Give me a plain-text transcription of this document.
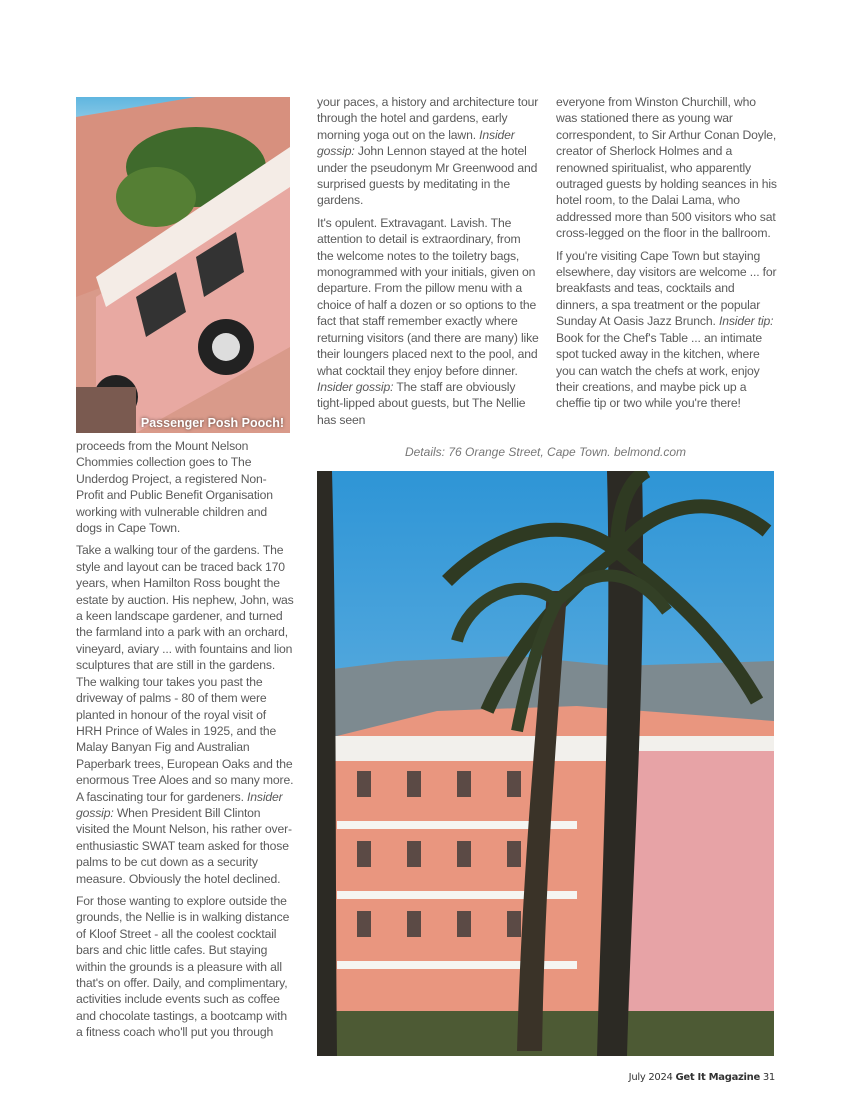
Passenger Posh Pooch!

proceeds from the Mount Nelson Chommies collection goes to The Underdog Project, a registered Non-Profit and Public Benefit Organisation working with vulnerable children and dogs in Cape Town.

Take a walking tour of the gardens. The style and layout can be traced back 170 years, when Hamilton Ross bought the estate by auction. His nephew, John, was a keen landscape gardener, and turned the farmland into a park with an orchard, vineyard, aviary ... with fountains and lion sculptures that are still in the gardens. The walking tour takes you past the driveway of palms - 80 of them were planted in honour of the royal visit of HRH Prince of Wales in 1925, and the Malay Banyan Fig and Australian Paperbark trees, European Oaks and the enormous Tree Aloes and so many more. A fascinating tour for gardeners. Insider gossip: When President Bill Clinton visited the Mount Nelson, his rather over-enthusiastic SWAT team asked for those palms to be cut down as a security measure. Obviously the hotel declined.

For those wanting to explore outside the grounds, the Nellie is in walking distance of Kloof Street - all the coolest cocktail bars and chic little cafes. But staying within the grounds is a pleasure with all that's on offer. Daily, and complimentary, activities include events such as coffee and chocolate tastings, a bootcamp with a fitness coach who'll put you through

your paces, a history and architecture tour through the hotel and gardens, early morning yoga out on the lawn. Insider gossip: John Lennon stayed at the hotel under the pseudonym Mr Greenwood and surprised guests by meditating in the gardens.

It's opulent. Extravagant. Lavish. The attention to detail is extraordinary, from the welcome notes to the toiletry bags, monogrammed with your initials, given on departure. From the pillow menu with a choice of half a dozen or so options to the fact that staff remember exactly where returning visitors (and there are many) like their loungers placed next to the pool, and what cocktail they enjoy before dinner. Insider gossip: The staff are obviously tight-lipped about guests, but The Nellie has seen

everyone from Winston Churchill, who was stationed there as young war correspondent, to Sir Arthur Conan Doyle, creator of Sherlock Holmes and a renowned spiritualist, who apparently outraged guests by holding seances in his hotel room, to the Dalai Lama, who addressed more than 500 visitors who sat cross-legged on the floor in the ballroom.

If you're visiting Cape Town but staying elsewhere, day visitors are welcome ... for breakfasts and teas, cocktails and dinners, a spa treatment or the popular Sunday At Oasis Jazz Brunch. Insider tip: Book for the Chef's Table ... an intimate spot tucked away in the kitchen, where you can watch the chefs at work, enjoy their creations, and maybe pick up a cheffie tip or two while you're there!

Details: 76 Orange Street, Cape Town. belmond.com
July 2024 Get It Magazine 31
